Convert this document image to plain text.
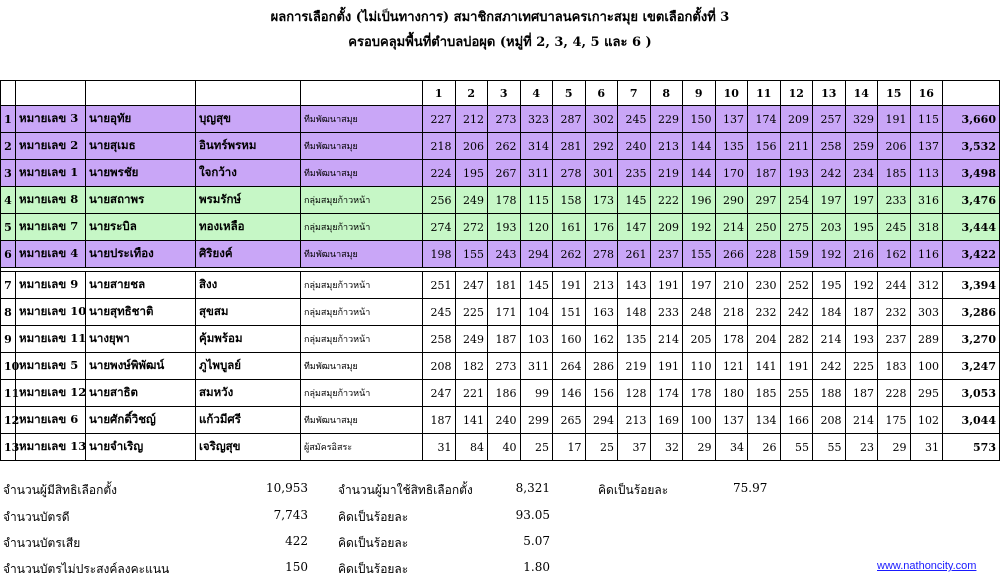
ผลการเลือกตั้ง (ไม่เป็นทางการ) สมาชิกสภาเทศบาลนครเกาะสมุย เขตเลือกตั้งที่ 3
ครอบคลุมพื้นที่ตำบลบ่อผุด (หมู่ที่ 2, 3, 4, 5 และ 6 )
					1	2	3	4	5	6	7	8	9	10	11	12	13	14	15	16	
1	หมายเลข 3	นายอุทัย	บุญสุข	ทีมพัฒนาสมุย	227	212	273	323	287	302	245	229	150	137	174	209	257	329	191	115	3,660
2	หมายเลข 2	นายสุเมธ	อินทร์พรหม	ทีมพัฒนาสมุย	218	206	262	314	281	292	240	213	144	135	156	211	258	259	206	137	3,532
3	หมายเลข 1	นายพรชัย	ใจกว้าง	ทีมพัฒนาสมุย	224	195	267	311	278	301	235	219	144	170	187	193	242	234	185	113	3,498
4	หมายเลข 8	นายสถาพร	พรมรักษ์	กลุ่มสมุยก้าวหน้า	256	249	178	115	158	173	145	222	196	290	297	254	197	197	233	316	3,476
5	หมายเลข 7	นายระบิล	ทองเหลือ	กลุ่มสมุยก้าวหน้า	274	272	193	120	161	176	147	209	192	214	250	275	203	195	245	318	3,444
6	หมายเลข 4	นายประเทือง	ศิริยงค์	ทีมพัฒนาสมุย	198	155	243	294	262	278	261	237	155	266	228	159	192	216	162	116	3,422

7	หมายเลข 9	นายสายชล	สิงง	กลุ่มสมุยก้าวหน้า	251	247	181	145	191	213	143	191	197	210	230	252	195	192	244	312	3,394
8	หมายเลข 10	นายสุทธิชาติ	สุขสม	กลุ่มสมุยก้าวหน้า	245	225	171	104	151	163	148	233	248	218	232	242	184	187	232	303	3,286
9	หมายเลข 11	นางยุพา	คุ้มพร้อม	กลุ่มสมุยก้าวหน้า	258	249	187	103	160	162	135	214	205	178	204	282	214	193	237	289	3,270
10	หมายเลข 5	นายพงษ์พิพัฒน์	ภูไพบูลย์	ทีมพัฒนาสมุย	208	182	273	311	264	286	219	191	110	121	141	191	242	225	183	100	3,247
11	หมายเลข 12	นายสาธิต	สมหวัง	กลุ่มสมุยก้าวหน้า	247	221	186	99	146	156	128	174	178	180	185	255	188	187	228	295	3,053
12	หมายเลข 6	นายศักดิ์วิชญ์	แก้วมีศรี	ทีมพัฒนาสมุย	187	141	240	299	265	294	213	169	100	137	134	166	208	214	175	102	3,044
13	หมายเลข 13	นายจำเริญ	เจริญสุข	ผู้สมัครอิสระ	31	84	40	25	17	25	37	32	29	34	26	55	55	23	29	31	573
จำนวนผู้มีสิทธิเลือกตั้ง	10,953	จำนวนผู้มาใช้สิทธิเลือกตั้ง	8,321	คิดเป็นร้อยละ	75.97
จำนวนบัตรดี	7,743	คิดเป็นร้อยละ	93.05
จำนวนบัตรเสีย	422	คิดเป็นร้อยละ	5.07
จำนวนบัตรไม่ประสงค์ลงคะแนน	150	คิดเป็นร้อยละ	1.80	www.nathoncity.com
